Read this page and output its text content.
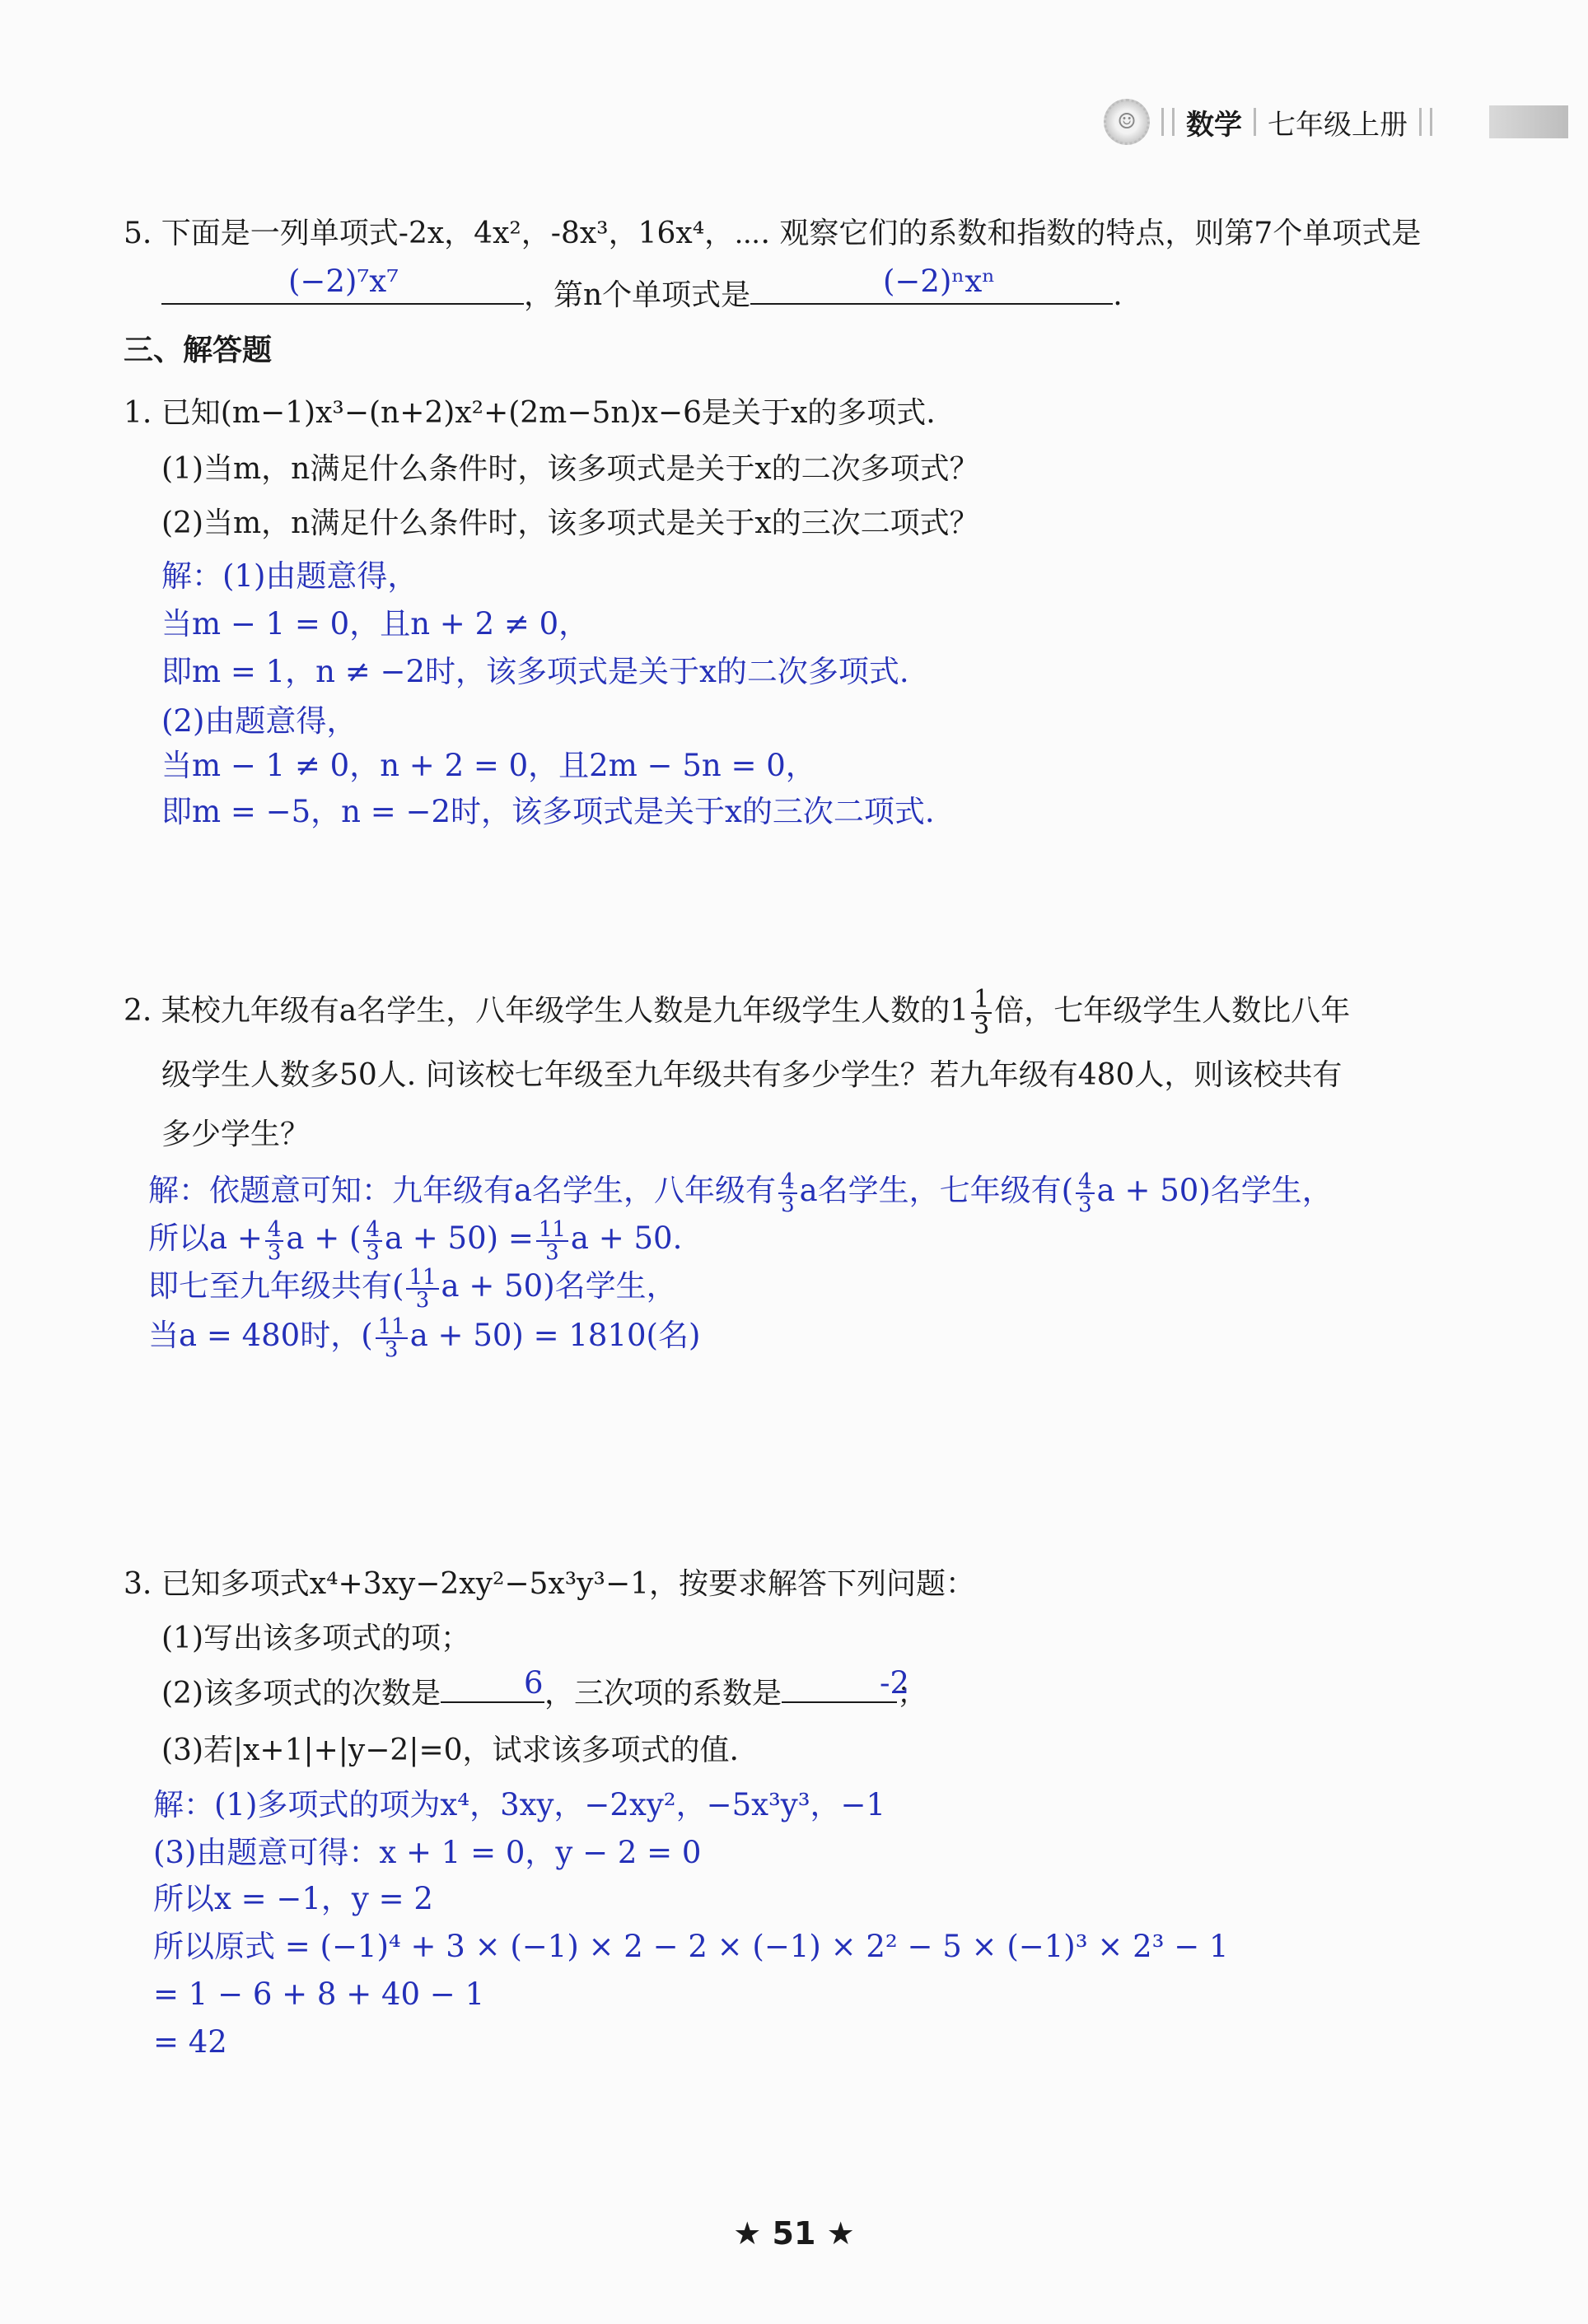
☺	数学 七年级上册
5. 下面是一列单项式-2x，4x²，-8x³，16x⁴，⋯. 观察它们的系数和指数的特点，则第7个单项式是
，第n个单项式是	.
(−2)⁷x⁷	(−2)ⁿxⁿ
三、解答题
1. 已知(m−1)x³−(n+2)x²+(2m−5n)x−6是关于x的多项式.
(1)当m，n满足什么条件时，该多项式是关于x的二次多项式？
(2)当m，n满足什么条件时，该多项式是关于x的三次二项式？
解：(1)由题意得，
当m − 1 = 0，且n + 2 ≠ 0，
即m = 1，n ≠ −2时，该多项式是关于x的二次多项式.
(2)由题意得，
当m − 1 ≠ 0，n + 2 = 0，且2m − 5n = 0，
即m = −5，n = −2时，该多项式是关于x的三次二项式.
2. 某校九年级有a名学生，八年级学生人数是九年级学生人数的$1 \frac{1}{3}$ 倍，七年级学生人数比八年
级学生人数多50人. 问该校七年级至九年级共有多少学生？若九年级有480人，则该校共有
多少学生？
解：依题意可知：九年级有a名学生，八年级有 $\frac{4}{3}$ a名学生，七年级有( $\frac{4}{3}$ a + 50)名学生，
所以$a + \frac{4}{3}$ a + ( $\frac{4}{3}$ $a + 50) = \frac{11}{3}$ a + 50.
即七至九年级共有( $\frac{11}{3}$ a + 50)名学生，
当a = 480时，( $\frac{11}{3}$ a + 50) = 1810(名)
3. 已知多项式x⁴+3xy−2xy²−5x³y³−1，按要求解答下列问题：
(1)写出该多项式的项；
(2)该多项式的次数是	，三次项的系数是	；
6	-2
(3)若|x+1|+|y−2|=0，试求该多项式的值.
解：(1)多项式的项为x⁴，3xy，−2xy²，−5x³y³，−1
(3)由题意可得：x + 1 = 0，y − 2 = 0
所以x = −1，y = 2
所以原式 = (−1)⁴ + 3 × (−1) × 2 − 2 × (−1) × 2² − 5 × (−1)³ × 2³ − 1
= 1 − 6 + 8 + 40 − 1
= 42
★ 51 ★
